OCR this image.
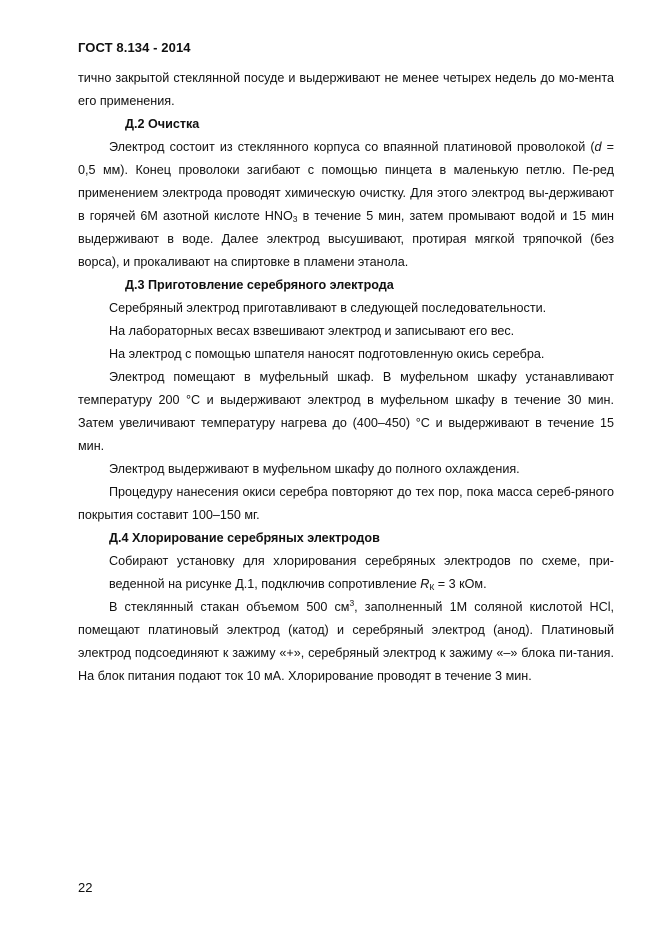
ГОСТ 8.134 - 2014

тично закрытой стеклянной посуде и выдерживают не менее четырех недель до мо-мента его применения.

Д.2 Очистка

Электрод состоит из стеклянного корпуса со впаянной платиновой проволокой (d = 0,5 мм). Конец проволоки загибают с помощью пинцета в маленькую петлю. Пе-ред применением электрода проводят химическую очистку. Для этого электрод вы-держивают в горячей 6М азотной кислоте $HNO_3$ в течение 5 мин, затем промывают водой и 15 мин выдерживают в воде. Далее электрод высушивают, протирая мягкой тряпочкой (без ворса), и прокаливают на спиртовке в пламени этанола.

Д.3 Приготовление серебряного электрода

Серебряный электрод приготавливают в следующей последовательности.

На лабораторных весах взвешивают электрод и записывают его вес.

На электрод с помощью шпателя наносят подготовленную окись серебра.

Электрод помещают в муфельный шкаф. В муфельном шкафу устанавливают температуру 200 °С и выдерживают электрод в муфельном шкафу в течение 30 мин. Затем увеличивают температуру нагрева до (400–450) °С и выдерживают в течение 15 мин.

Электрод выдерживают в муфельном шкафу до полного охлаждения.

Процедуру нанесения окиси серебра повторяют до тех пор, пока масса сереб-ряного покрытия составит 100–150 мг.

Д.4 Хлорирование серебряных электродов

Собирают установку для хлорирования серебряных электродов по схеме, при-веденной на рисунке Д.1, подключив сопротивление $R_К = 3$ кОм.

В стеклянный стакан объемом 500 $см^3$, заполненный 1М соляной кислотой HCl, помещают платиновый электрод (катод) и серебряный электрод (анод). Платиновый электрод подсоединяют к зажиму «+», серебряный электрод к зажиму «–» блока пи-тания. На блок питания подают ток 10 мА. Хлорирование проводят в течение 3 мин.

22
